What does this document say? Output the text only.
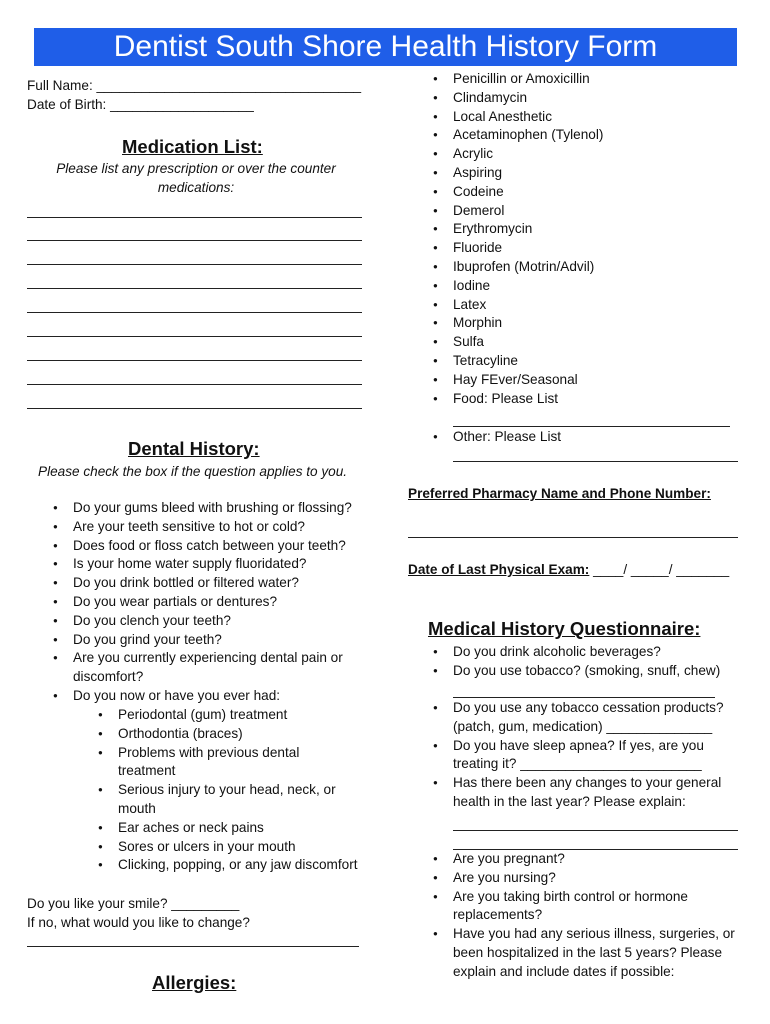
Dentist South Shore Health History Form
Full Name: ___________________________________
Date of Birth: ___________________
Medication List:
Please list any prescription or over the counter medications:
Dental History:
Please check the box if the question applies to you.
● Do your gums bleed with brushing or flossing?
● Are your teeth sensitive to hot or cold?
● Does food or floss catch between your teeth?
● Is your home water supply fluoridated?
● Do you drink bottled or filtered water?
● Do you wear partials or dentures?
● Do you clench your teeth?
● Do you grind your teeth?
● Are you currently experiencing dental pain or discomfort?
● Do you now or have you ever had:
● Periodontal (gum) treatment
● Orthodontia (braces)
● Problems with previous dental treatment
● Serious injury to your head, neck, or mouth
● Ear aches or neck pains
● Sores or ulcers in your mouth
● Clicking, popping, or any jaw discomfort
Do you like your smile? _________
If no, what would you like to change?
Allergies:
● Penicillin or Amoxicillin
● Clindamycin
● Local Anesthetic
● Acetaminophen (Tylenol)
● Acrylic
● Aspiring
● Codeine
● Demerol
● Erythromycin
● Fluoride
● Ibuprofen (Motrin/Advil)
● Iodine
● Latex
● Morphin
● Sulfa
● Tetracyline
● Hay FEver/Seasonal
● Food: Please List
● Other: Please List
Preferred Pharmacy Name and Phone Number:
Date of Last Physical Exam: ____/ _____/ _______
Medical History Questionnaire:
● Do you drink alcoholic beverages?
● Do you use tobacco? (smoking, snuff, chew)
● Do you use any tobacco cessation products?
(patch, gum, medication) ______________
● Do you have sleep apnea? If yes, are you
treating it? ________________________
● Has there been any changes to your general
health in the last year? Please explain:
● Are you pregnant?
● Are you nursing?
● Are you taking birth control or hormone
replacements?
● Have you had any serious illness, surgeries, or
been hospitalized in the last 5 years? Please
explain and include dates if possible:
